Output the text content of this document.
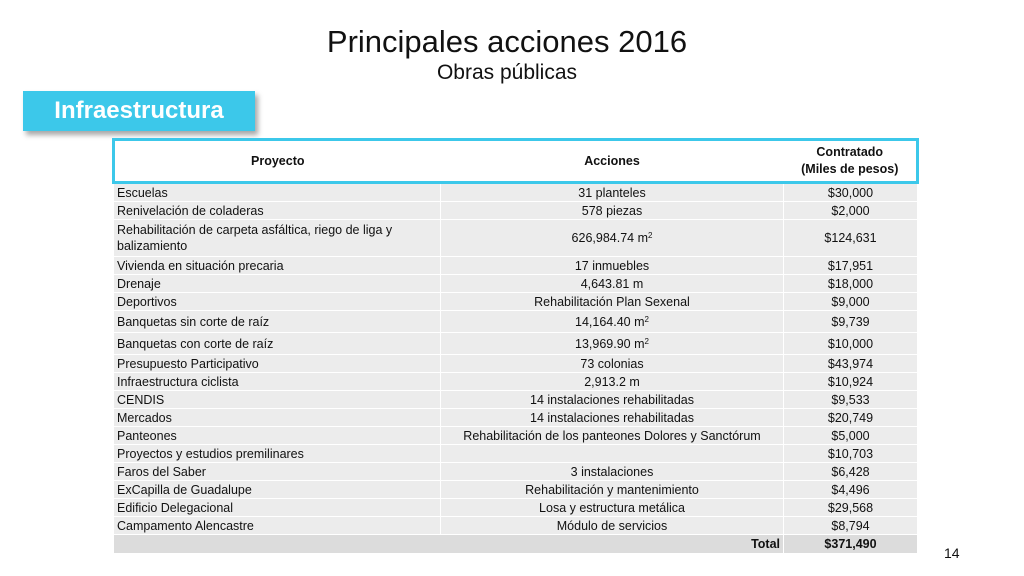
Principales acciones 2016
Obras públicas
Infraestructura
Proyecto	Acciones	Contratado
(Miles de pesos)

Escuelas	31 planteles	$30,000
Renivelación de coladeras	578 piezas	$2,000
Rehabilitación de carpeta asfáltica, riego de liga y balizamiento	626,984.74 $m^2$	$124,631
Vivienda en situación precaria	17 inmuebles	$17,951
Drenaje	4,643.81 m	$18,000
Deportivos	Rehabilitación Plan Sexenal	$9,000
Banquetas sin corte de raíz	14,164.40 $m^2$	$9,739
Banquetas con corte de raíz	13,969.90 $m^2$	$10,000
Presupuesto Participativo	73 colonias	$43,974
Infraestructura ciclista	2,913.2 m	$10,924
CENDIS	14 instalaciones rehabilitadas	$9,533
Mercados	14 instalaciones rehabilitadas	$20,749
Panteones	Rehabilitación de los panteones Dolores y Sanctórum	$5,000
Proyectos y estudios premilinares		$10,703
Faros del Saber	3 instalaciones	$6,428
ExCapilla de Guadalupe	Rehabilitación y mantenimiento	$4,496
Edificio Delegacional	Losa y estructura metálica	$29,568
Campamento Alencastre	Módulo de servicios	$8,794
Total		$371,490
14
